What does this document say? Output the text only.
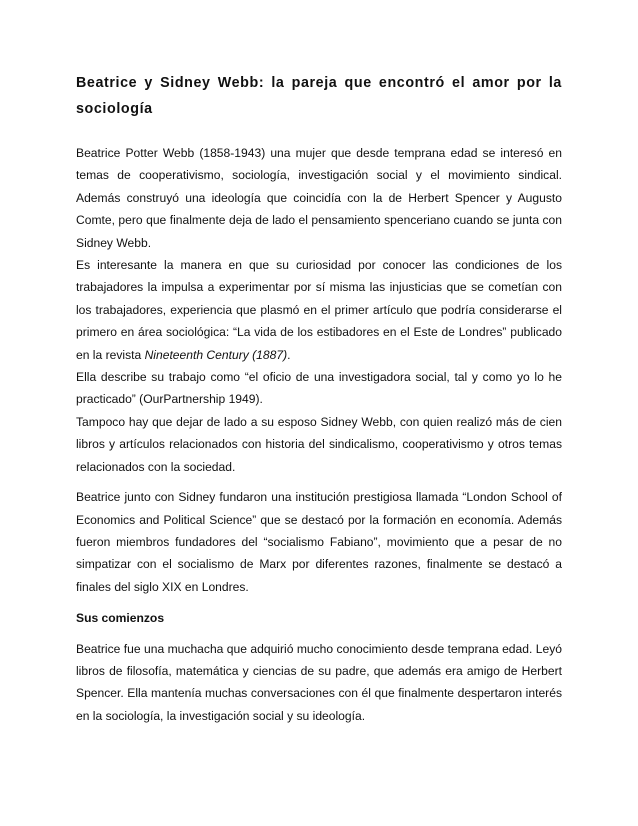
Beatrice y Sidney Webb: la pareja que encontró el amor por la sociología

Beatrice Potter Webb (1858-1943) una mujer que desde temprana edad se interesó en temas de cooperativismo, sociología, investigación social y el movimiento sindical. Además construyó una ideología que coincidía con la de Herbert Spencer y Augusto Comte, pero que finalmente deja de lado el pensamiento spenceriano cuando se junta con Sidney Webb.

Es interesante la manera en que su curiosidad por conocer las condiciones de los trabajadores la impulsa a experimentar por sí misma las injusticias que se cometían con los trabajadores, experiencia que plasmó en el primer artículo que podría considerarse el primero en área sociológica: “La vida de los estibadores en el Este de Londres” publicado en la revista Nineteenth Century (1887).

Ella describe su trabajo como “el oficio de una investigadora social, tal y como yo lo he practicado” (OurPartnership 1949).

Tampoco hay que dejar de lado a su esposo Sidney Webb, con quien realizó más de cien libros y artículos relacionados con historia del sindicalismo, cooperativismo y otros temas relacionados con la sociedad.

Beatrice junto con Sidney fundaron una institución prestigiosa llamada “London School of Economics and Political Science” que se destacó por la formación en economía. Además fueron miembros fundadores del “socialismo Fabiano”, movimiento que a pesar de no simpatizar con el socialismo de Marx por diferentes razones, finalmente se destacó a finales del siglo XIX en Londres.

Sus comienzos

Beatrice fue una muchacha que adquirió mucho conocimiento desde temprana edad. Leyó libros de filosofía, matemática y ciencias de su padre, que además era amigo de Herbert Spencer. Ella mantenía muchas conversaciones con él que finalmente despertaron interés en la sociología, la investigación social y su ideología.
